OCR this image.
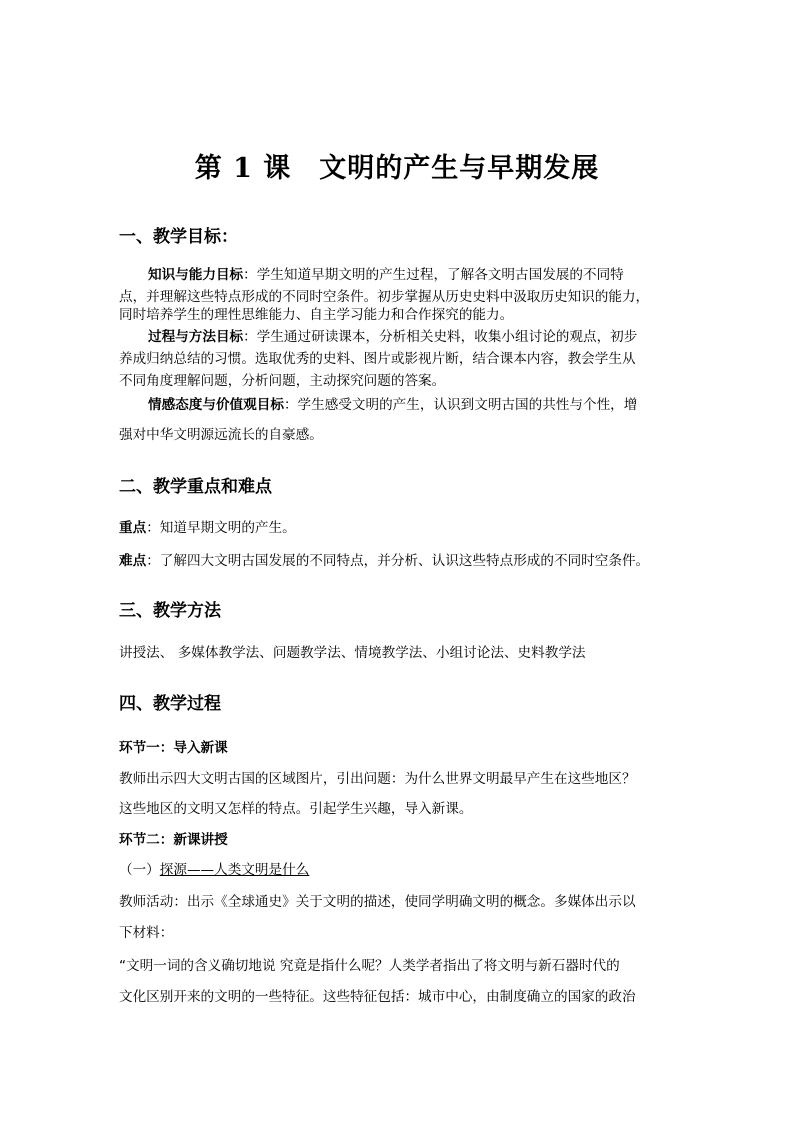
第 1 课　文明的产生与早期发展
一、教学目标：
知识与能力目标：学生知道早期文明的产生过程，了解各文明古国发展的不同特
点，并理解这些特点形成的不同时空条件。初步掌握从历史史料中汲取历史知识的能力，
同时培养学生的理性思维能力、自主学习能力和合作探究的能力。
过程与方法目标：学生通过研读课本，分析相关史料，收集小组讨论的观点，初步
养成归纳总结的习惯。选取优秀的史料、图片或影视片断，结合课本内容，教会学生从
不同角度理解问题，分析问题，主动探究问题的答案。
情感态度与价值观目标：学生感受文明的产生，认识到文明古国的共性与个性，增
强对中华文明源远流长的自豪感。
二、教学重点和难点
重点：知道早期文明的产生。
难点：了解四大文明古国发展的不同特点，并分析、认识这些特点形成的不同时空条件。
三、教学方法
讲授法、 多媒体教学法、问题教学法、情境教学法、小组讨论法、史料教学法
四、教学过程
环节一：导入新课
教师出示四大文明古国的区域图片，引出问题：为什么世界文明最早产生在这些地区？
这些地区的文明又怎样的特点。引起学生兴趣，导入新课。
环节二：新课讲授
（一）探源——人类文明是什么
教师活动：出示《全球通史》关于文明的描述，使同学明确文明的概念。多媒体出示以
下材料：
“文明一词的含义确切地说 究竟是指什么呢？人类学者指出了将文明与新石器时代的
文化区别开来的文明的一些特征。这些特征包括：城市中心，由制度确立的国家的政治
